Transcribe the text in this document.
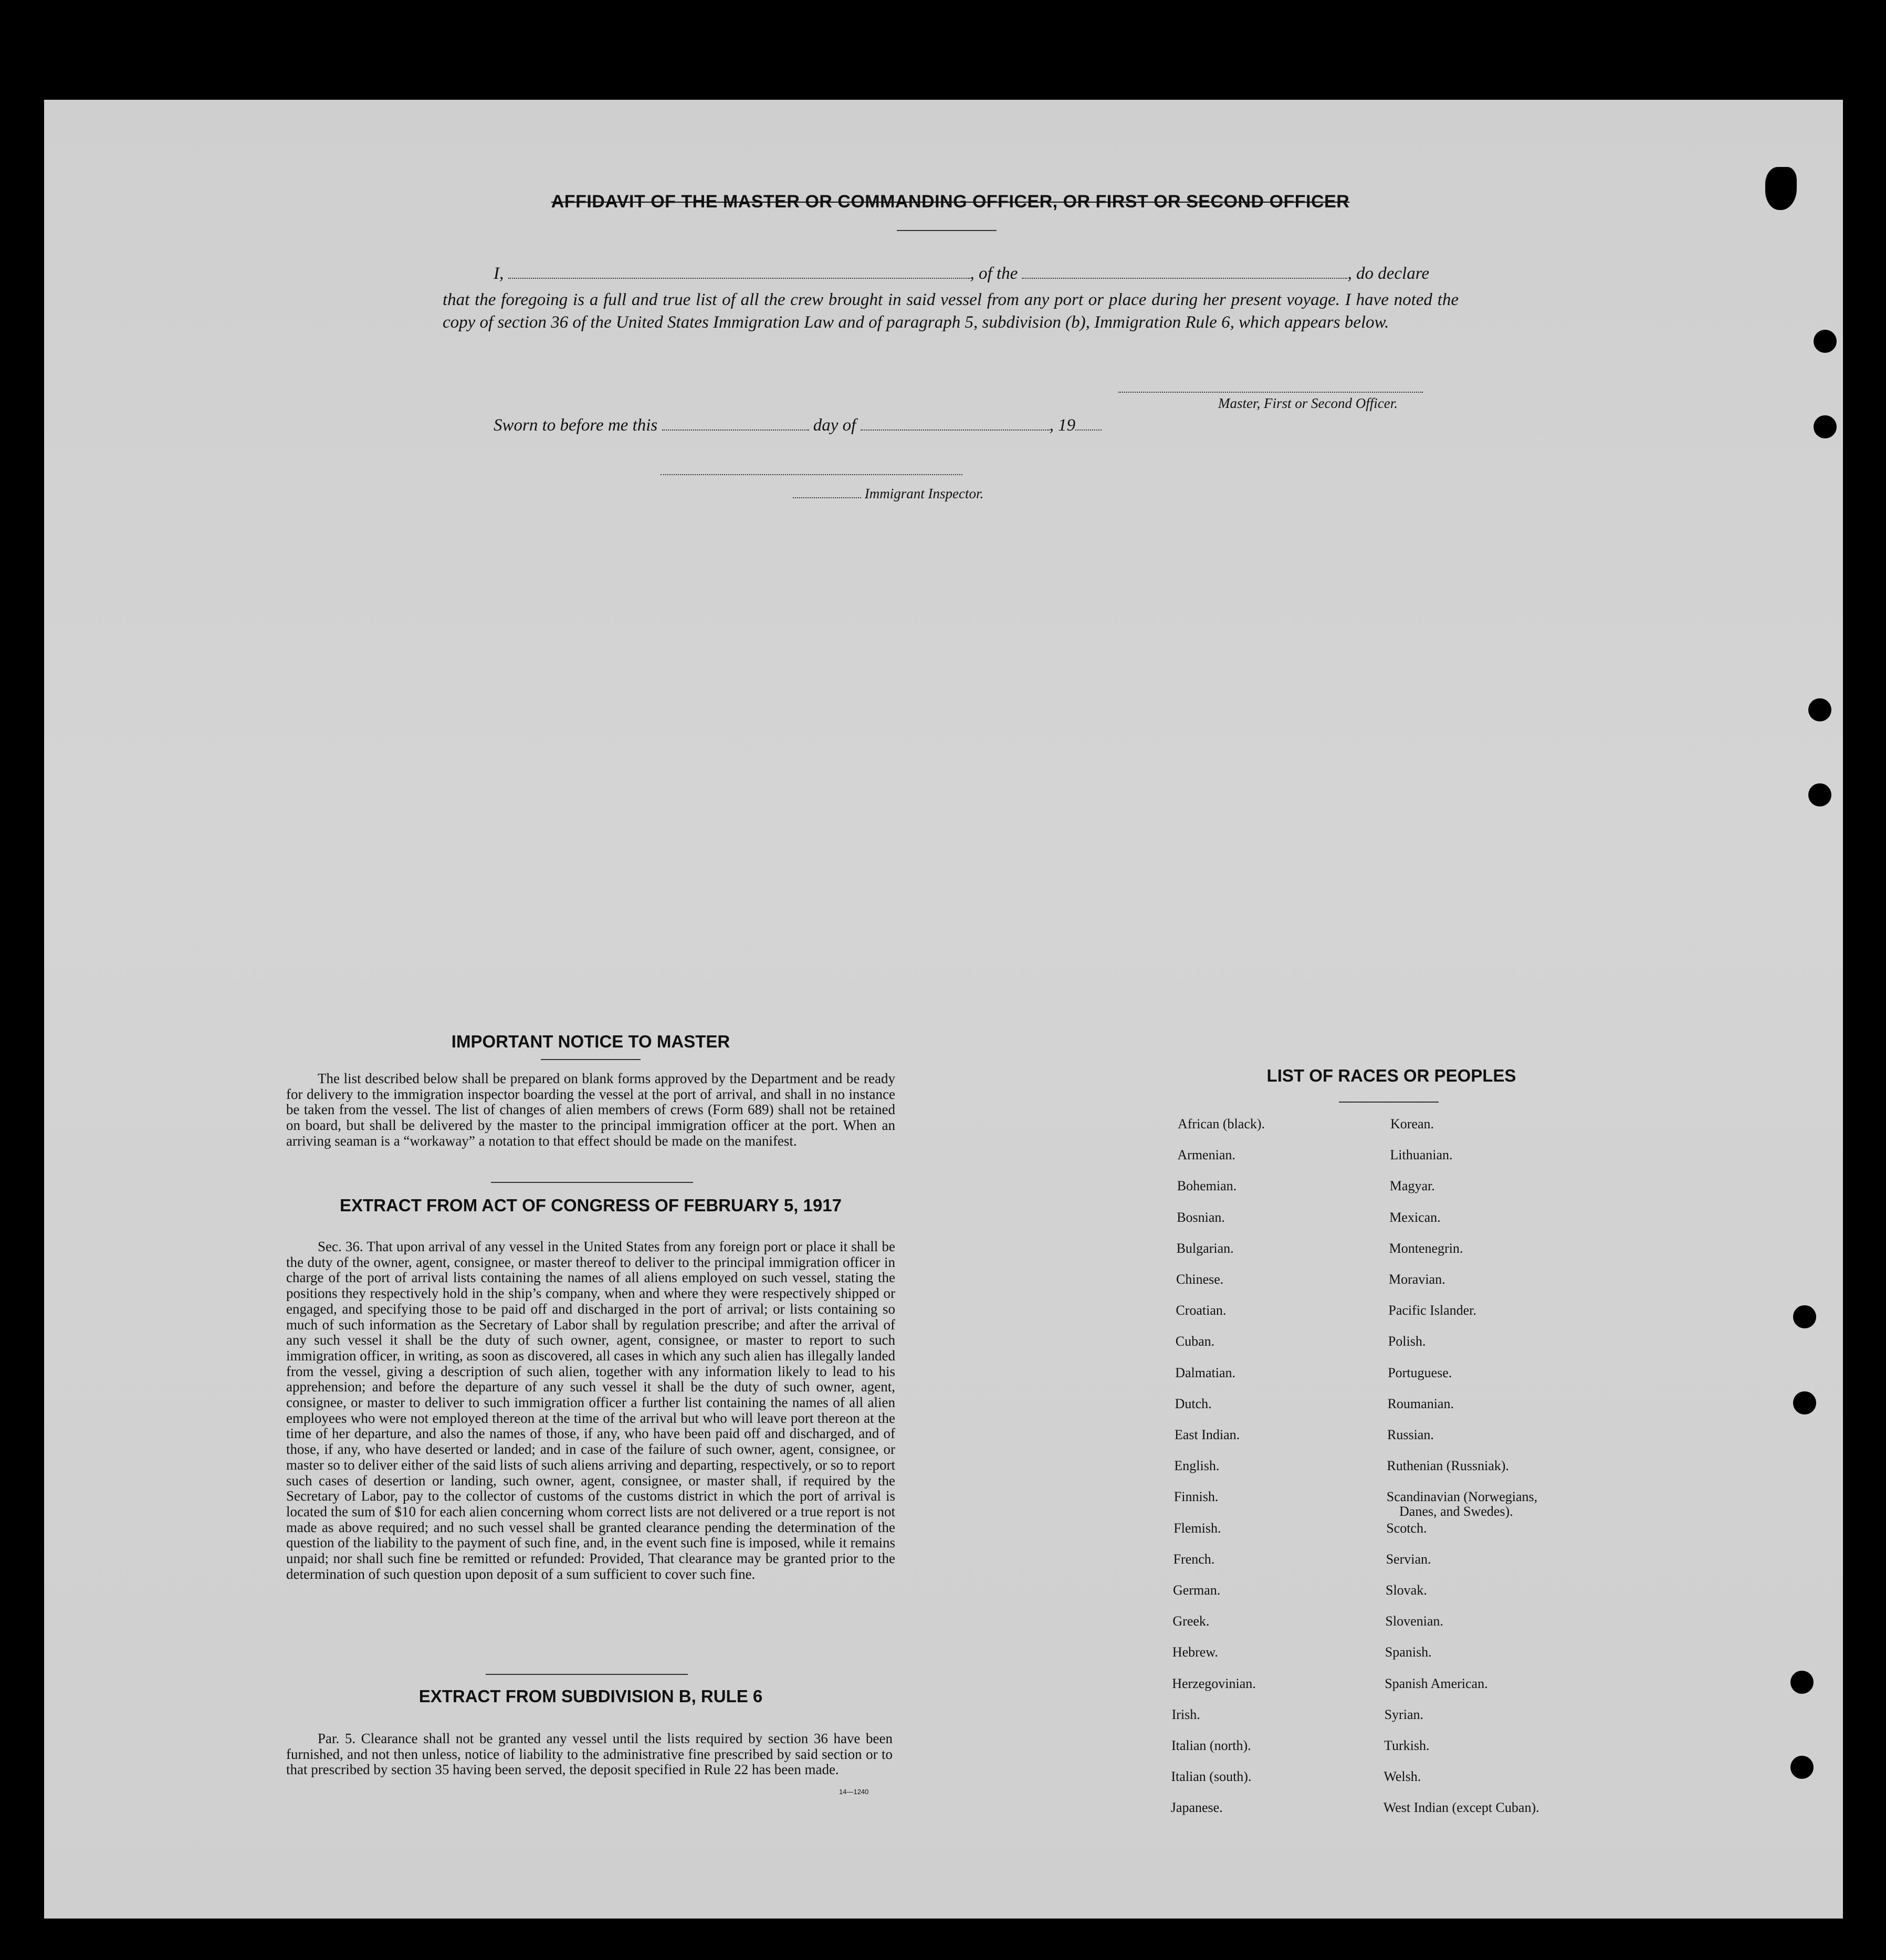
AFFIDAVIT OF THE MASTER OR COMMANDING OFFICER, OR FIRST OR SECOND OFFICER
I,	, of the	, do declare
that the foregoing is a full and true list of all the crew brought in said vessel from any port or place during her present voyage. I have noted the copy of section 36 of the United States Immigration Law and of paragraph 5, subdivision (b), Immigration Rule 6, which appears below.
Master, First or Second Officer.
Sworn to before me this	day of	, 19
Immigrant Inspector.
IMPORTANT NOTICE TO MASTER
The list described below shall be prepared on blank forms approved by the Department and be ready for delivery to the immigration inspector boarding the vessel at the port of arrival, and shall in no instance be taken from the vessel. The list of changes of alien members of crews (Form 689) shall not be retained on board, but shall be delivered by the master to the principal immigration officer at the port. When an arriving seaman is a “workaway” a notation to that effect should be made on the manifest.
EXTRACT FROM ACT OF CONGRESS OF FEBRUARY 5, 1917
Sec. 36. That upon arrival of any vessel in the United States from any foreign port or place it shall be the duty of the owner, agent, consignee, or master thereof to deliver to the principal immigration officer in charge of the port of arrival lists containing the names of all aliens employed on such vessel, stating the positions they respectively hold in the ship’s company, when and where they were respectively shipped or engaged, and specifying those to be paid off and discharged in the port of arrival; or lists containing so much of such information as the Secretary of Labor shall by regulation prescribe; and after the arrival of any such vessel it shall be the duty of such owner, agent, consignee, or master to report to such immigration officer, in writing, as soon as discovered, all cases in which any such alien has illegally landed from the vessel, giving a description of such alien, together with any information likely to lead to his apprehension; and before the departure of any such vessel it shall be the duty of such owner, agent, consignee, or master to deliver to such immigration officer a further list containing the names of all alien employees who were not employed thereon at the time of the arrival but who will leave port thereon at the time of her departure, and also the names of those, if any, who have been paid off and discharged, and of those, if any, who have deserted or landed; and in case of the failure of such owner, agent, consignee, or master so to deliver either of the said lists of such aliens arriving and departing, respectively, or so to report such cases of desertion or landing, such owner, agent, consignee, or master shall, if required by the Secretary of Labor, pay to the collector of customs of the customs district in which the port of arrival is located the sum of $10 for each alien concerning whom correct lists are not delivered or a true report is not made as above required; and no such vessel shall be granted clearance pending the determination of the question of the liability to the payment of such fine, and, in the event such fine is imposed, while it remains unpaid; nor shall such fine be remitted or refunded: Provided, That clearance may be granted prior to the determination of such question upon deposit of a sum sufficient to cover such fine.
EXTRACT FROM SUBDIVISION B, RULE 6
Par. 5. Clearance shall not be granted any vessel until the lists required by section 36 have been furnished, and not then unless, notice of liability to the administrative fine prescribed by said section or to that prescribed by section 35 having been served, the deposit specified in Rule 22 has been made.
14—1240
LIST OF RACES OR PEOPLES
African (black).
Armenian.
Bohemian.
Bosnian.
Bulgarian.
Chinese.
Croatian.
Cuban.
Dalmatian.
Dutch.
East Indian.
English.
Finnish.
Flemish.
French.
German.
Greek.
Hebrew.
Herzegovinian.
Irish.
Italian (north).
Italian (south).
Japanese.
Korean.
Lithuanian.
Magyar.
Mexican.
Montenegrin.
Moravian.
Pacific Islander.
Polish.
Portuguese.
Roumanian.
Russian.
Ruthenian (Russniak).
Scandinavian (Norwegians,
Danes, and Swedes).
Scotch.
Servian.
Slovak.
Slovenian.
Spanish.
Spanish American.
Syrian.
Turkish.
Welsh.
West Indian (except Cuban).
